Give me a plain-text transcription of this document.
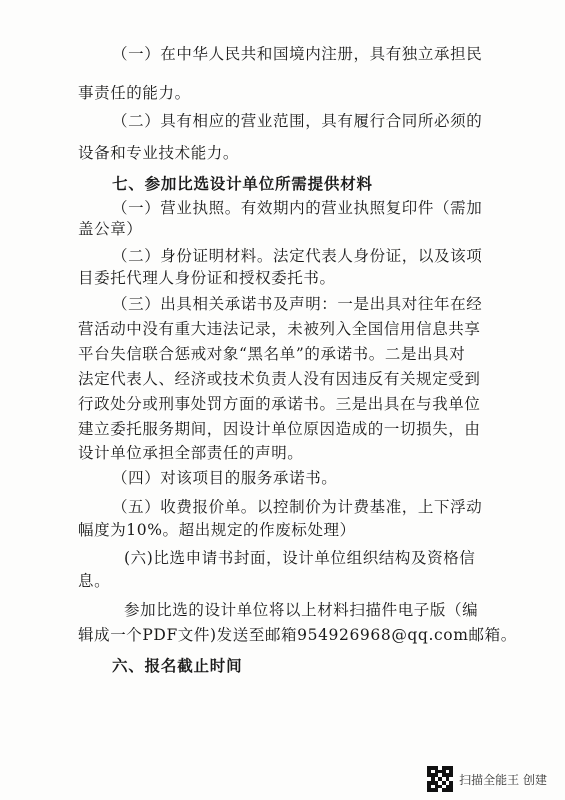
（一）在中华人民共和国境内注册，具有独立承担民
事责任的能力。
（二）具有相应的营业范围，具有履行合同所必须的
设备和专业技术能力。
七、参加比选设计单位所需提供材料
（一）营业执照。有效期内的营业执照复印件（需加
盖公章）
（二）身份证明材料。法定代表人身份证，以及该项
目委托代理人身份证和授权委托书。
（三）出具相关承诺书及声明：一是出具对往年在经
营活动中没有重大违法记录，未被列入全国信用信息共享
平台失信联合惩戒对象“黑名单”的承诺书。二是出具对
法定代表人、经济或技术负责人没有因违反有关规定受到
行政处分或刑事处罚方面的承诺书。三是出具在与我单位
建立委托服务期间，因设计单位原因造成的一切损失，由
设计单位承担全部责任的声明。
（四）对该项目的服务承诺书。
（五）收费报价单。以控制价为计费基准，上下浮动
幅度为10%。超出规定的作废标处理）
(六)比选申请书封面，设计单位组织结构及资格信
息。
参加比选的设计单位将以上材料扫描件电子版（编
辑成一个PDF文件)发送至邮箱954926968@qq.com邮箱。
六、报名截止时间
扫描全能王 创建
